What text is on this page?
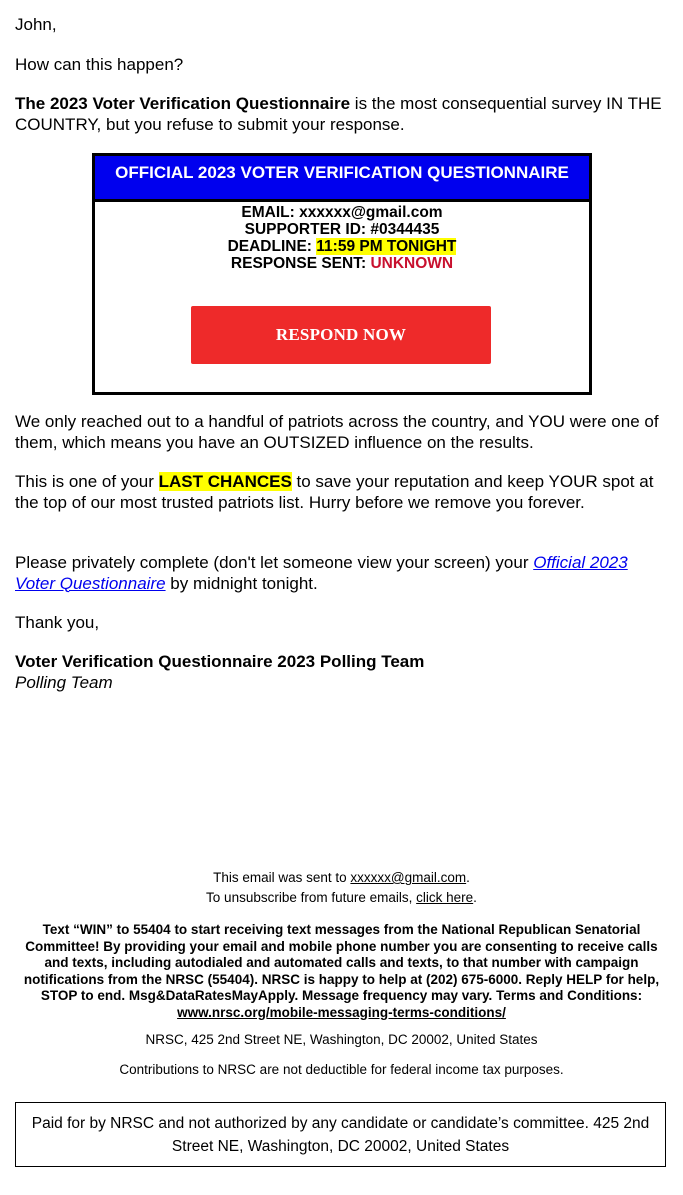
John,

How can this happen?

The 2023 Voter Verification Questionnaire is the most consequential survey IN THE COUNTRY, but you refuse to submit your response.

OFFICIAL 2023 VOTER VERIFICATION QUESTIONNAIRE
EMAIL: xxxxxx@gmail.com
SUPPORTER ID: #0344435
DEADLINE: 11:59 PM TONIGHT
RESPONSE SENT: UNKNOWN
RESPOND NOW

We only reached out to a handful of patriots across the country, and YOU were one of them, which means you have an OUTSIZED influence on the results.

This is one of your LAST CHANCES to save your reputation and keep YOUR spot at the top of our most trusted patriots list. Hurry before we remove you forever.

Please privately complete (don't let someone view your screen) your Official 2023 Voter Questionnaire by midnight tonight.

Thank you,

Voter Verification Questionnaire 2023 Polling Team

Polling Team

This email was sent to xxxxxx@gmail.com.
To unsubscribe from future emails, click here.
Text “WIN” to 55404 to start receiving text messages from the National Republican Senatorial Committee! By providing your email and mobile phone number you are consenting to receive calls and texts, including autodialed and automated calls and texts, to that number with campaign notifications from the NRSC (55404). NRSC is happy to help at (202) 675-6000. Reply HELP for help, STOP to end. Msg&DataRatesMayApply. Message frequency may vary. Terms and Conditions: www.nrsc.org/mobile-messaging-terms-conditions/
NRSC, 425 2nd Street NE, Washington, DC 20002, United States
Contributions to NRSC are not deductible for federal income tax purposes.
Paid for by NRSC and not authorized by any candidate or candidate’s committee. 425 2nd Street NE, Washington, DC 20002, United States
